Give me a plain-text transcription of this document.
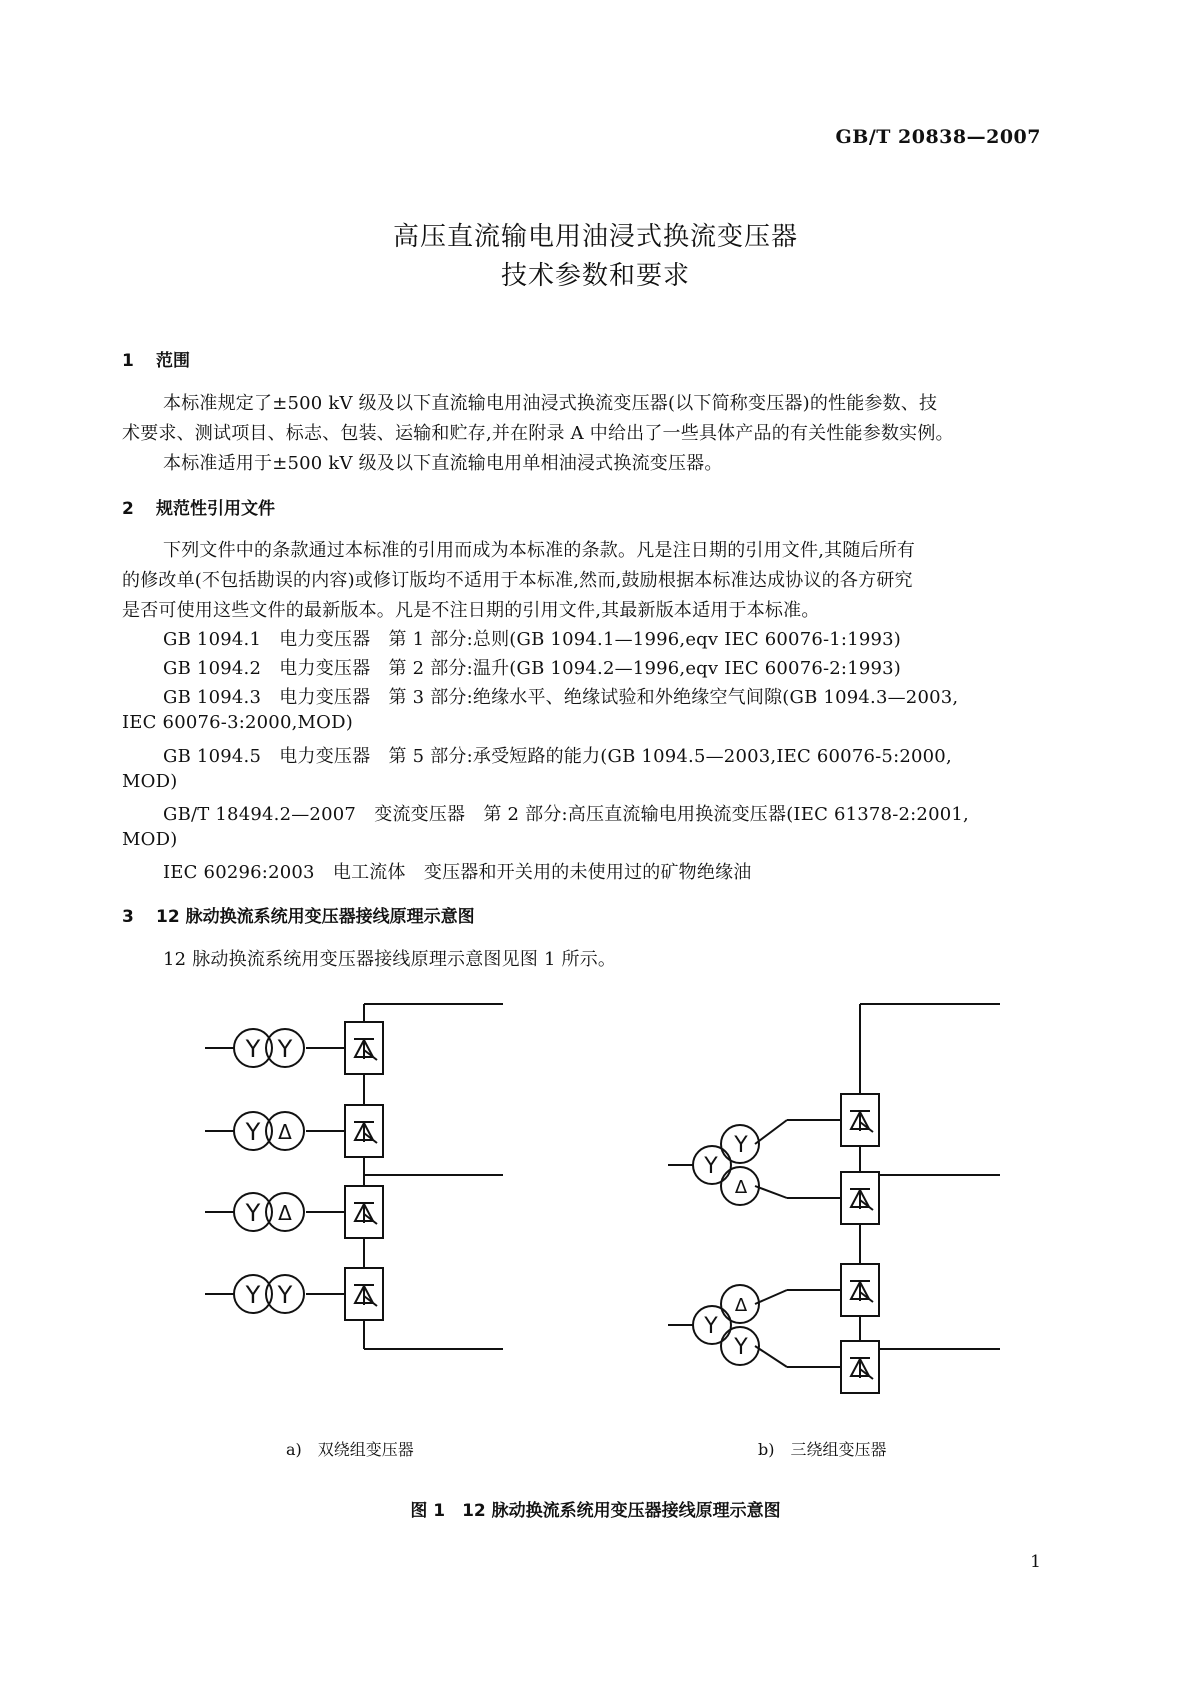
GB/T 20838—2007
高压直流输电用油浸式换流变压器
技术参数和要求
1 范围
本标准规定了±500 kV 级及以下直流输电用油浸式换流变压器(以下简称变压器)的性能参数、技
术要求、测试项目、标志、包装、运输和贮存,并在附录 A 中给出了一些具体产品的有关性能参数实例。
本标准适用于±500 kV 级及以下直流输电用单相油浸式换流变压器。
2 规范性引用文件
下列文件中的条款通过本标准的引用而成为本标准的条款。凡是注日期的引用文件,其随后所有
的修改单(不包括勘误的内容)或修订版均不适用于本标准,然而,鼓励根据本标准达成协议的各方研究
是否可使用这些文件的最新版本。凡是不注日期的引用文件,其最新版本适用于本标准。
GB 1094.1　电力变压器　第 1 部分:总则(GB 1094.1—1996,eqv IEC 60076-1:1993)
GB 1094.2　电力变压器　第 2 部分:温升(GB 1094.2—1996,eqv IEC 60076-2:1993)
GB 1094.3　电力变压器　第 3 部分:绝缘水平、绝缘试验和外绝缘空气间隙(GB 1094.3—2003,
IEC 60076-3:2000,MOD)
GB 1094.5　电力变压器　第 5 部分:承受短路的能力(GB 1094.5—2003,IEC 60076-5:2000,
MOD)
GB/T 18494.2—2007　变流变压器　第 2 部分:高压直流输电用换流变压器(IEC 61378-2:2001,
MOD)
IEC 60296:2003　电工流体　变压器和开关用的未使用过的矿物绝缘油
3 12 脉动换流系统用变压器接线原理示意图
12 脉动换流系统用变压器接线原理示意图见图 1 所示。
Y Y
Y Δ
Y Δ
Y Y
Y
Y
Δ
Y
Δ
Y
a)　双绕组变压器	b)　三绕组变压器
图 1　12 脉动换流系统用变压器接线原理示意图
1
